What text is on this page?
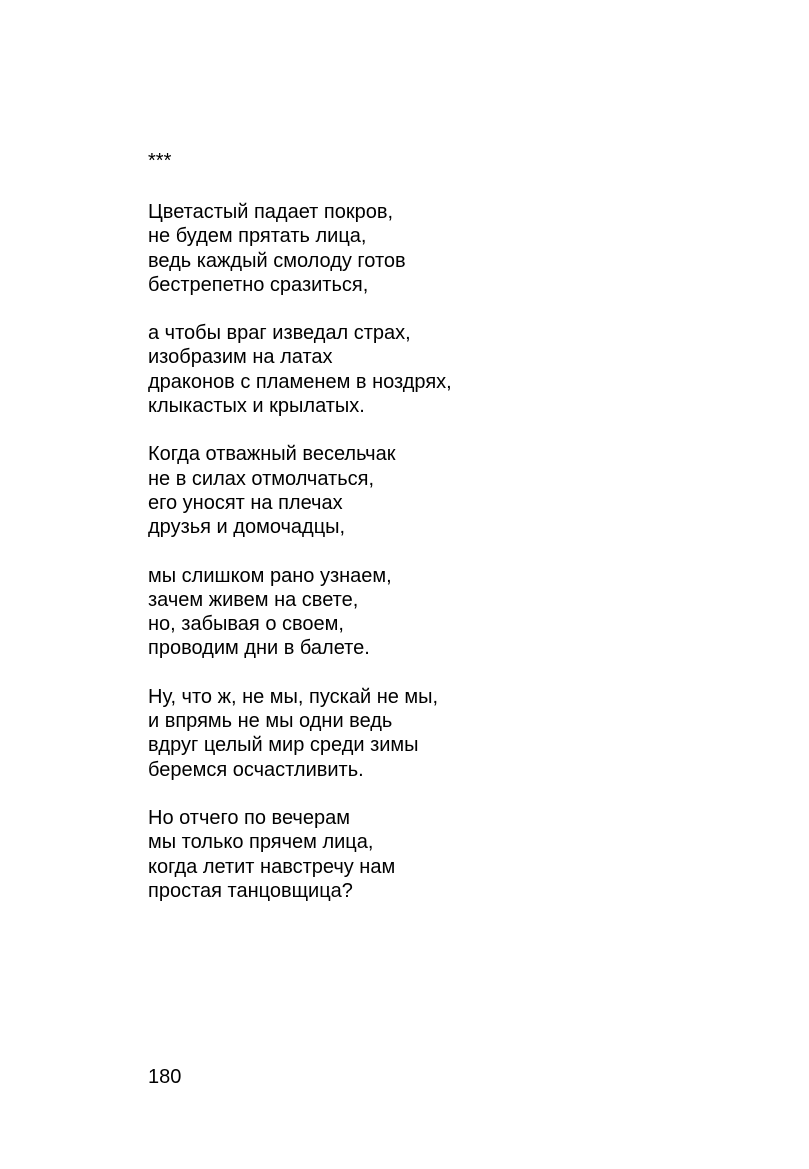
***
Цветастый падает покров,
не будем прятать лица,
ведь каждый смолоду готов
бестрепетно сразиться,
а чтобы враг изведал страх,
изобразим на латах
драконов с пламенем в ноздрях,
клыкастых и крылатых.
Когда отважный весельчак
не в силах отмолчаться,
его уносят на плечах
друзья и домочадцы,
мы слишком рано узнаем,
зачем живем на свете,
но, забывая о своем,
проводим дни в балете.
Ну, что ж, не мы, пускай не мы,
и впрямь не мы одни ведь
вдруг целый мир среди зимы
беремся осчастливить.
Но отчего по вечерам
мы только прячем лица,
когда летит навстречу нам
простая танцовщица?
180
